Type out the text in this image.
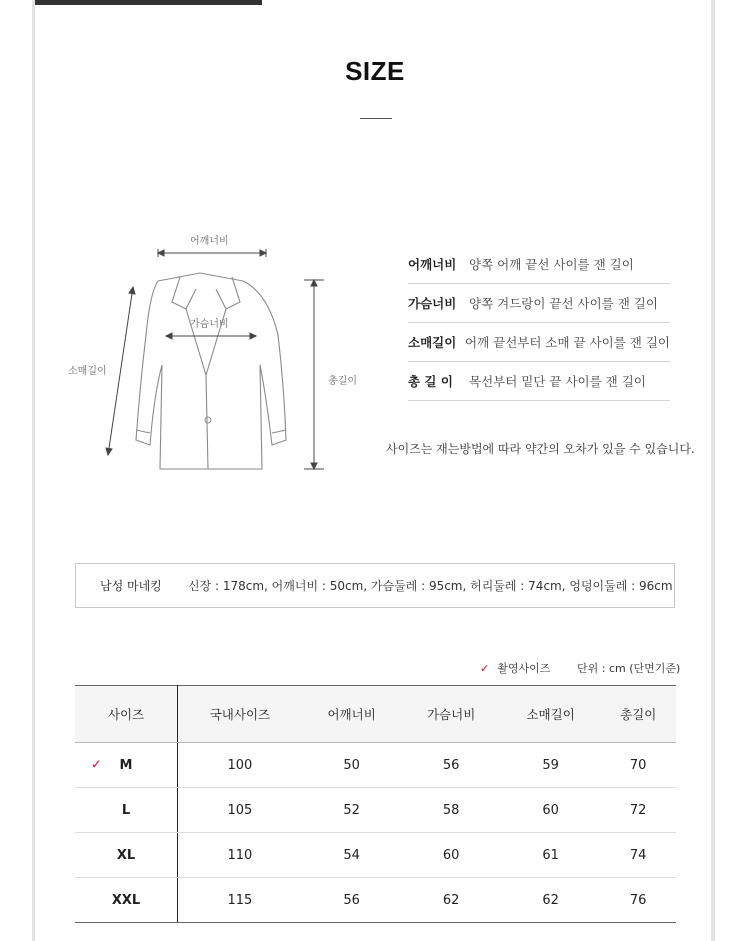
SIZE
어깨너비
가슴너비
소매길이
총길이
어깨너비	양쪽 어깨 끝선 사이를 잰 길이
가슴너비	양쪽 겨드랑이 끝선 사이를 잰 길이
소매길이 어깨 끝선부터 소매 끝 사이를 잰 길이
총 길 이	목선부터 밑단 끝 사이를 잰 길이
사이즈는 재는방법에 따라 약간의 오차가 있을 수 있습니다.
남성 마네킹	신장 : 178cm, 어깨너비 : 50cm, 가슴둘레 : 95cm, 허리둘레 : 74cm, 엉덩이둘레 : 96cm
✓ 촬영사이즈 단위 : cm (단면기준)
사이즈	국내사이즈	어깨너비	가슴너비	소매길이	총길이

✓ M	100	50	56	59	70
L	105	52	58	60	72
XL	110	54	60	61	74
XXL	115	56	62	62	76
